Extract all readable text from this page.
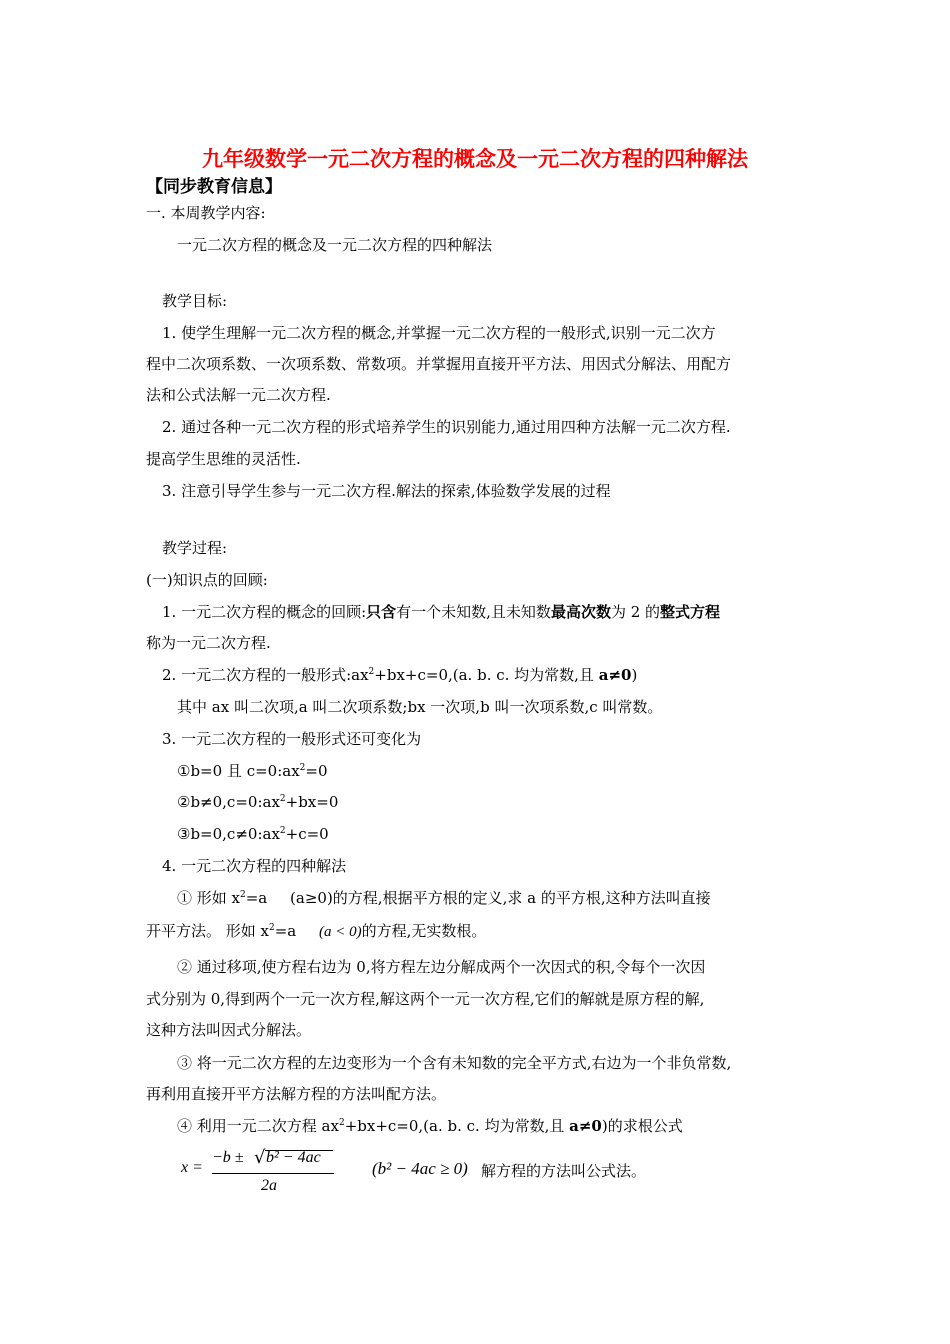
九年级数学一元二次方程的概念及一元二次方程的四种解法
【同步教育信息】
一. 本周教学内容:
一元二次方程的概念及一元二次方程的四种解法
教学目标:
1. 使学生理解一元二次方程的概念,并掌握一元二次方程的一般形式,识别一元二次方
程中二次项系数、一次项系数、常数项。并掌握用直接开平方法、用因式分解法、用配方
法和公式法解一元二次方程.
2. 通过各种一元二次方程的形式培养学生的识别能力,通过用四种方法解一元二次方程.
提高学生思维的灵活性.
3. 注意引导学生参与一元二次方程.解法的探索,体验数学发展的过程
教学过程:
(一)知识点的回顾:
1. 一元二次方程的概念的回顾:只含有一个未知数,且未知数最高次数为 2 的整式方程
称为一元二次方程.
2. 一元二次方程的一般形式$:ax^2+bx+c=0,(a$. b. c. 均为常数,且 a≠0)
其中 ax 叫二次项,a 叫二次项系数;bx 一次项,b 叫一次项系数,c 叫常数。
3. 一元二次方程的一般形式还可变化为
①b=0 且 $c=0:ax^2=0$
$②b\ne 0,c=0:ax^2+bx=0$
$③b=0,c\ne 0:ax^2+c=0$
4. 一元二次方程的四种解法
① 形如 $x^2=a$ (a≥0)的方程,根据平方根的定义,求 a 的平方根,这种方法叫直接
开平方法。 形如 $x^2=a$ (a < 0)的方程,无实数根。
② 通过移项,使方程右边为 0,将方程左边分解成两个一次因式的积,令每个一次因
式分别为 0,得到两个一元一次方程,解这两个一元一次方程,它们的解就是原方程的解,
这种方法叫因式分解法。
③ 将一元二次方程的左边变形为一个含有未知数的完全平方式,右边为一个非负常数,
再利用直接开平方法解方程的方法叫配方法。
④ 利用一元二次方程 $ax^2+bx+c=0,(a$. b. c. 均为常数,且 a≠0)的求根公式
x =
−b ± √ b² − 4ac
2a
(b² − 4ac ≥ 0) 解方程的方法叫公式法。
